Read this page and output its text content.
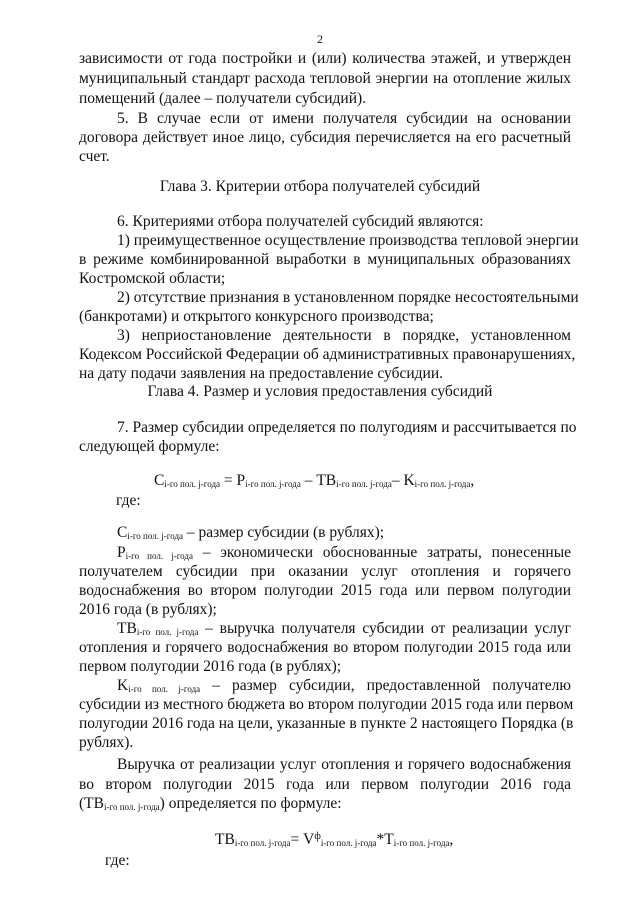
2
зависимости от года постройки и (или) количества этажей, и утвержден
муниципальный стандарт расхода тепловой энергии на отопление жилых
помещений (далее – получатели субсидий).
5. В случае если от имени получателя субсидии на основании
договора действует иное лицо, субсидия перечисляется на его расчетный
счет.
Глава 3. Критерии отбора получателей субсидий
6. Критериями отбора получателей субсидий являются:
1) преимущественное осуществление производства тепловой энергии
в режиме комбинированной выработки в муниципальных образованиях
Костромской области;
2) отсутствие признания в установленном порядке несостоятельными
(банкротами) и открытого конкурсного производства;
3) неприостановление деятельности в порядке, установленном
Кодексом Российской Федерации об административных правонарушениях,
на дату подачи заявления на предоставление субсидии.
Глава 4. Размер и условия предоставления субсидий
7. Размер субсидии определяется по полугодиям и рассчитывается по
следующей формуле:
$C_{i-го пол. j-года} = P_{i-го пол. j-года} - TB_{i-го пол. j-года}-$ $K_{i-го пол. j-года}$,
где:
$C_{i-го пол. j-года}$ – размер субсидии (в рублях);
$P_{i-го пол. j-года}$ – экономически обоснованные затраты, понесенные
получателем субсидии при оказании услуг отопления и горячего
водоснабжения во втором полугодии 2015 года или первом полугодии
2016 года (в рублях);
$TB_{i-го пол. j-года}$ – выручка получателя субсидии от реализации услуг
отопления и горячего водоснабжения во втором полугодии 2015 года или
первом полугодии 2016 года (в рублях);
$K_{i-го пол. j-года}$ – размер субсидии, предоставленной получателю
субсидии из местного бюджета во втором полугодии 2015 года или первом
полугодии 2016 года на цели, указанные в пункте 2 настоящего Порядка (в
рублях).
Выручка от реализации услуг отопления и горячего водоснабжения
во втором полугодии 2015 года или первом полугодии 2016 года
$(TB_{i-го пол. j-года})$ определяется по формуле:
$TB_{i-го пол. j-года}= V^ф_{i-го пол. j-года}*T_{i-го пол. j-года}$,
где:
